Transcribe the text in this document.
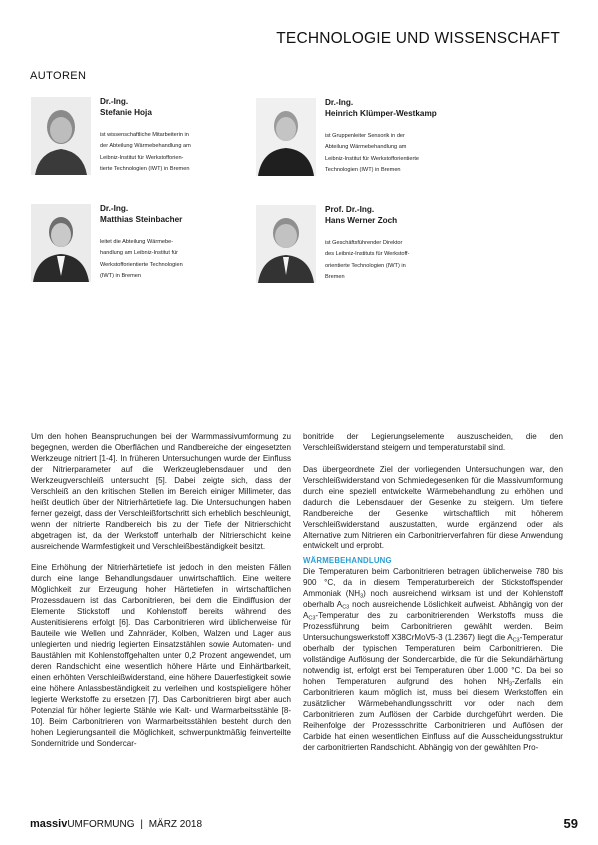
TECHNOLOGIE UND WISSENSCHAFT
AUTOREN
Dr.-Ing.
Stefanie Hoja
ist wissenschaftliche Mitarbeiterin in
der Abteilung Wärmebehandlung am
Leibniz-Institut für Werkstofforien-
tierte Technologien (IWT) in Bremen
Dr.-Ing.
Heinrich Klümper-Westkamp
ist Gruppenleiter Sensorik in der
Abteilung Wärmebehandlung am
Leibniz-Institut für Werkstofforientierte
Technologien (IWT) in Bremen
Dr.-Ing.
Matthias Steinbacher
leitet die Abteilung Wärmebe-
handlung am Leibniz-Institut für
Werkstofforientierte Technologien
(IWT) in Bremen
Prof. Dr.-Ing.
Hans Werner Zoch
ist Geschäftsführender Direktor
des Leibniz-Instituts für Werkstoff-
orientierte Technologien (IWT) in
Bremen

Um den hohen Beanspruchungen bei der Warmmassivumformung zu begegnen, werden die Oberflächen und Randbereiche der eingesetzten Werkzeuge nitriert [1-4]. In früheren Untersuchungen wurde der Einfluss der Nitrierparameter auf die Werkzeuglebensdauer und den Werkzeugverschleiß untersucht [5]. Dabei zeigte sich, dass der Verschleiß an den kritischen Stellen im Bereich einiger Millimeter, das heißt deutlich über der Nitrierhärtetiefe lag. Die Untersuchungen haben ferner gezeigt, dass der Verschleißfortschritt sich erheblich beschleunigt, wenn der nitrierte Randbereich bis zu der Tiefe der Nitrierschicht abgetragen ist, da der Werkstoff unterhalb der Nitrierschicht keine ausreichende Warmfestigkeit und Verschleißbeständigkeit besitzt.

Eine Erhöhung der Nitrierhärtetiefe ist jedoch in den meisten Fällen durch eine lange Behandlungsdauer unwirtschaftlich. Eine weitere Möglichkeit zur Erzeugung hoher Härtetiefen in wirtschaftlichen Prozessdauern ist das Carbonitrieren, bei dem die Eindiffusion der Elemente Stickstoff und Kohlenstoff bereits während des Austenitisierens erfolgt [6]. Das Carbonitrieren wird üblicherweise für Bauteile wie Wellen und Zahnräder, Kolben, Walzen und Lager aus unlegierten und niedrig legierten Einsatzstählen sowie Automaten- und Baustählen mit Kohlenstoffgehalten unter 0,2 Prozent angewendet, um deren Randschicht eine wesentlich höhere Härte und Einhärtbarkeit, einen erhöhten Verschleißwiderstand, eine höhere Dauerfestigkeit sowie eine höhere Anlassbeständigkeit zu verleihen und kostspieligere höher legierte Werkstoffe zu ersetzen [7]. Das Carbonitrieren birgt aber auch Potenzial für höher legierte Stähle wie Kalt- und Warmarbeitsstähle [8-10]. Beim Carbonitrieren von Warmarbeitsstählen besteht durch den hohen Legierungsanteil die Möglichkeit, schwerpunktmäßig feinverteilte Sondernitride und Sondercar-

bonitride der Legierungselemente auszuscheiden, die den Verschleißwiderstand steigern und temperaturstabil sind.

Das übergeordnete Ziel der vorliegenden Untersuchungen war, den Verschleißwiderstand von Schmiedegesenken für die Massivumformung durch eine speziell entwickelte Wärmebehandlung zu erhöhen und dadurch die Lebensdauer der Gesenke zu steigern. Um tiefere Randbereiche der Gesenke wirtschaftlich mit höherem Verschleißwiderstand auszustatten, wurde ergänzend oder als Alternative zum Nitrieren ein Carbonitrierverfahren für diese Anwendung entwickelt und erprobt.

WÄRMEBEHANDLUNG

Die Temperaturen beim Carbonitrieren betragen üblicherweise 780 bis 900 °C, da in diesem Temperaturbereich der Stickstoffspender Ammoniak $(NH_3)$ noch ausreichend wirksam ist und der Kohlenstoff oberhalb $A_{C3}$ noch ausreichende Löslichkeit aufweist. Abhängig von der $A_{C3}$-Temperatur des zu carbonitrierenden Werkstoffs muss die Prozessführung beim Carbonitrieren gewählt werden. Beim Untersuchungswerkstoff X38CrMoV5-3 (1.2367) liegt die $A_{C3}$-Temperatur oberhalb der typischen Temperaturen beim Carbonitrieren. Die vollständige Auflösung der Sondercarbide, die für die Sekundärhärtung notwendig ist, erfolgt erst bei Temperaturen über 1.000 °C. Da bei so hohen Temperaturen aufgrund des hohen $NH_3$-Zerfalls ein Carbonitrieren kaum möglich ist, muss bei diesem Werkstoffen ein zusätzlicher Wärmebehandlungsschritt vor oder nach dem Carbonitrieren zum Auflösen der Carbide durchgeführt werden. Die Reihenfolge der Prozessschritte Carbonitrieren und Auflösen der Carbide hat einen wesentlichen Einfluss auf die Ausscheidungsstruktur der carbonitrierten Randschicht. Abhängig von der gewählten Pro-

massivUMFORMUNG | MÄRZ 2018	59
